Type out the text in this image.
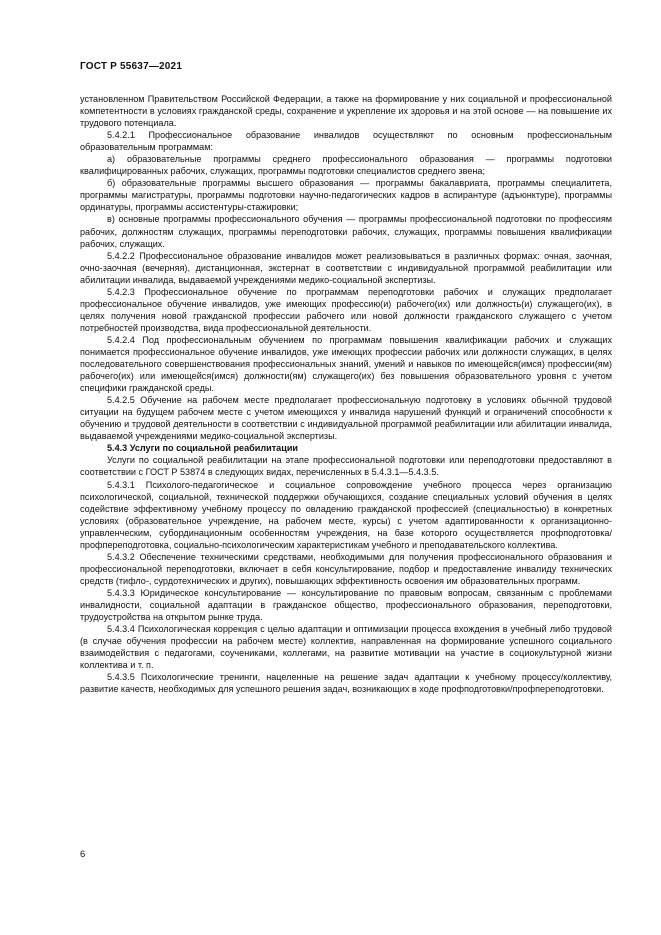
ГОСТ Р 55637—2021

установленном Правительством Российской Федерации, а также на формирование у них социальной и профессиональной компетентности в условиях гражданской среды, сохранение и укрепление их здоровья и на этой основе — на повышение их трудового потенциала.

5.4.2.1 Профессиональное образование инвалидов осуществляют по основным профессиональным образовательным программам:

а) образовательные программы среднего профессионального образования — программы подготовки квалифицированных рабочих, служащих, программы подготовки специалистов среднего звена;

б) образовательные программы высшего образования — программы бакалавриата, программы специалитета, программы магистратуры, программы подготовки научно-педагогических кадров в аспирантуре (адъюнктуре), программы ординатуры, программы ассистентуры-стажировки;

в) основные программы профессионального обучения — программы профессиональной подготовки по профессиям рабочих, должностям служащих, программы переподготовки рабочих, служащих, программы повышения квалификации рабочих, служащих.

5.4.2.2 Профессиональное образование инвалидов может реализовываться в различных формах: очная, заочная, очно-заочная (вечерняя), дистанционная, экстернат в соответствии с индивидуальной программой реабилитации или абилитации инвалида, выдаваемой учреждениями медико-социальной экспертизы.

5.4.2.3 Профессиональное обучение по программам переподготовки рабочих и служащих предполагает профессиональное обучение инвалидов, уже имеющих профессию(и) рабочего(их) или должность(и) служащего(их), в целях получения новой гражданской профессии рабочего или новой должности гражданского служащего с учетом потребностей производства, вида профессиональной деятельности.

5.4.2.4 Под профессиональным обучением по программам повышения квалификации рабочих и служащих понимается профессиональное обучение инвалидов, уже имеющих профессии рабочих или должности служащих, в целях последовательного совершенствования профессиональных знаний, умений и навыков по имеющейся(имся) профессии(ям) рабочего(их) или имеющейся(имся) должности(ям) служащего(их) без повышения образовательного уровня с учетом специфики гражданской среды.

5.4.2.5 Обучение на рабочем месте предполагает профессиональную подготовку в условиях обычной трудовой ситуации на будущем рабочем месте с учетом имеющихся у инвалида нарушений функций и ограничений способности к обучению и трудовой деятельности в соответствии с индивидуальной программой реабилитации или абилитации инвалида, выдаваемой учреждениями медико-социальной экспертизы.

5.4.3 Услуги по социальной реабилитации

Услуги по социальной реабилитации на этапе профессиональной подготовки или переподготовки предоставляют в соответствии с ГОСТ Р 53874 в следующих видах, перечисленных в 5.4.3.1—5.4.3.5.

5.4.3.1 Психолого-педагогическое и социальное сопровождение учебного процесса через организацию психологической, социальной, технической поддержки обучающихся, создание специальных условий обучения в целях содействие эффективному учебному процессу по овладению гражданской профессией (специальностью) в конкретных условиях (образовательное учреждение, на рабочем месте, курсы) с учетом адаптированности к организационно-управленческим, субординационным особенностям учреждения, на базе которого осуществляется профподготовка/профпереподготовка, социально-психологическим характеристикам учебного и преподавательского коллектива.

5.4.3.2 Обеспечение техническими средствами, необходимыми для получения профессионального образования и профессиональной переподготовки, включает в себя консультирование, подбор и предоставление инвалиду технических средств (тифло-, сурдотехнических и других), повышающих эффективность освоения им образовательных программ.

5.4.3.3 Юридическое консультирование — консультирование по правовым вопросам, связанным с проблемами инвалидности, социальной адаптации в гражданское общество, профессионального образования, переподготовки, трудоустройства на открытом рынке труда.

5.4.3.4 Психологическая коррекция с целью адаптации и оптимизации процесса вхождения в учебный либо трудовой (в случае обучения профессии на рабочем месте) коллектив, направленная на формирование успешного социального взаимодействия с педагогами, соучениками, коллегами, на развитие мотивации на участие в социокультурной жизни коллектива и т. п.

5.4.3.5 Психологические тренинги, нацеленные на решение задач адаптации к учебному процессу/коллективу, развитие качеств, необходимых для успешного решения задач, возникающих в ходе профподготовки/профпереподготовки.

6
